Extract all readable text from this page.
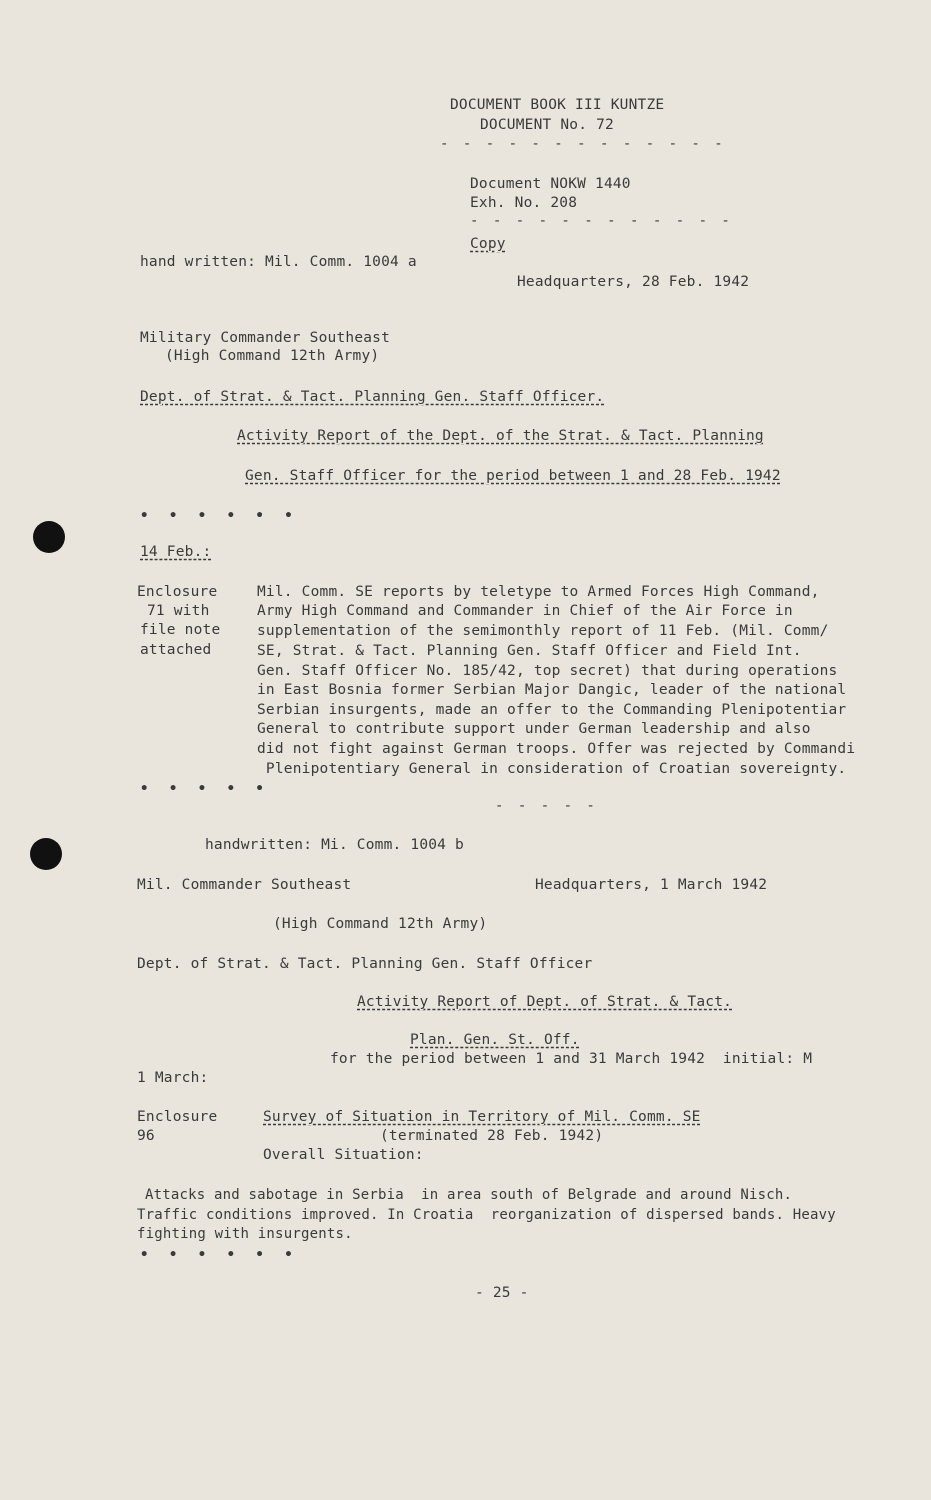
DOCUMENT BOOK III KUNTZE
DOCUMENT No. 72
- - - - - - - - - - - - -
Document NOKW 1440
Exh. No. 208
- - - - - - - - - - - -
Copy
hand written: Mil. Comm. 1004 a
Headquarters, 28 Feb. 1942
Military Commander Southeast
(High Command 12th Army)
Dept. of Strat. & Tact. Planning Gen. Staff Officer.
Activity Report of the Dept. of the Strat. & Tact. Planning
Gen. Staff Officer for the period between 1 and 28 Feb. 1942
• • • • • •
14 Feb.:
Enclosure
71 with
file note
attached
Mil. Comm. SE reports by teletype to Armed Forces High Command,
Army High Command and Commander in Chief of the Air Force in
supplementation of the semimonthly report of 11 Feb. (Mil. Comm/
SE, Strat. & Tact. Planning Gen. Staff Officer and Field Int.
Gen. Staff Officer No. 185/42, top secret) that during operations
in East Bosnia former Serbian Major Dangic, leader of the national
Serbian insurgents, made an offer to the Commanding Plenipotentiar
General to contribute support under German leadership and also
did not fight against German troops. Offer was rejected by Commandi
Plenipotentiary General in consideration of Croatian sovereignty.
• • • • •
- - - - -
handwritten: Mi. Comm. 1004 b
Mil. Commander Southeast	Headquarters, 1 March 1942
(High Command 12th Army)
Dept. of Strat. & Tact. Planning Gen. Staff Officer
Activity Report of Dept. of Strat. & Tact.
Plan. Gen. St. Off.
for the period between 1 and 31 March 1942  initial: M
1 March:
Enclosure
96
Survey of Situation in Territory of Mil. Comm. SE
(terminated 28 Feb. 1942)
Overall Situation:
Attacks and sabotage in Serbia  in area south of Belgrade and around Nisch.
Traffic conditions improved. In Croatia  reorganization of dispersed bands. Heavy
fighting with insurgents.
• • • • • •
- 25 -
